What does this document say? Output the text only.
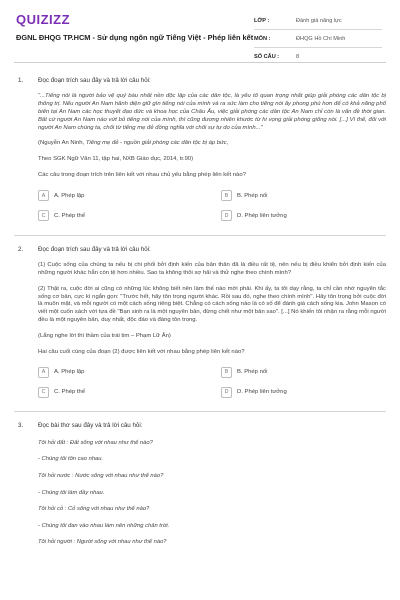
QUIZIZZ
ĐGNL ĐHQG TP.HCM - Sử dụng ngôn ngữ Tiếng Việt - Phép liên kết
LỚP :	Đánh giá năng lực
MÔN :	ĐHQG Hồ Chí Minh
SỐ CÂU :	8
1. Đọc đoạn trích sau đây và trả lời câu hỏi:
"...Tiếng nói là người bảo vệ quý báu nhất nền độc lập của các dân tộc, là yếu tố quan trọng nhất giúp giải phóng các dân tộc bị thống trị. Nếu người An Nam hãnh diện giữ gìn tiếng nói của mình và ra sức làm cho tiếng nói ấy phong phú hơn để có khả năng phổ biến tại An Nam các học thuyết đạo đức và khoa học của Châu Âu, việc giải phóng các dân tộc An Nam chỉ còn là vấn đề thời gian. Bất cứ người An Nam nào vứt bỏ tiếng nói của mình, thì cũng đương nhiên khước từ hi vọng giải phóng giống nòi. [...] Vì thế, đối với người An Nam chúng ta, chối từ tiếng mẹ đẻ đồng nghĩa với chối sự tự do của mình..."
(Nguyễn An Ninh, Tiếng mẹ đẻ - nguồn giải phóng các dân tộc bị áp bức,
Theo SGK Ngữ Văn 11, tập hai, NXB Giáo dục, 2014, tr.90)
Các câu trong đoạn trích trên liên kết với nhau chủ yếu bằng phép liên kết nào?
A	A. Phép lặp	B	B. Phép nối
C	C. Phép thế	D	D. Phép liên tưởng
2. Đọc đoạn trích sau đây và trả lời câu hỏi:
(1) Cuộc sống của chúng ta nếu bị chi phối bởi định kiến của bản thân đã là điều rất tệ, nên nếu bị điều khiển bởi định kiến của những người khác hẳn còn tệ hơn nhiều. Sao ta không thôi sợ hãi và thử nghe theo chính mình?
(2) Thật ra, cuộc đời ai cũng có những lúc không biết nên làm thế nào mới phải. Khi ấy, ta tôi dạy rằng, ta chỉ cần nhớ nguyên tắc sống cơ bản, cực kì ngắn gọn: "Trước hết, hãy tôn trọng người khác. Rồi sau đó, nghe theo chính mình". Hãy tôn trọng bởi cuộc đời là muôn mặt, và mỗi người có một cách sống riêng biệt. Chẳng có cách sống nào là có số để đánh giá cách sống kia. John Mason có viết một cuốn sách với tựa đề "Bạn sinh ra là một nguyên bản, đừng chết như một bản sao". [...] Nó khiến tôi nhận ra rằng mỗi người đều là một nguyên bản, duy nhất, độc đáo và đáng tôn trọng.
(Lắng nghe lời thì thầm của trái tim – Phạm Lữ Ân)
Hai câu cuối cùng của đoạn (2) được liên kết với nhau bằng phép liên kết nào?
A	A. Phép lặp	B	B. Phép nối
C	C. Phép thế	D	D. Phép liên tưởng
3. Đọc bài thơ sau đây và trả lời câu hỏi:
Tôi hỏi đất : Đất sống với nhau như thế nào?
- Chúng tôi tôn cao nhau.
Tôi hỏi nước : Nước sống với nhau như thế nào?
- Chúng tôi làm đầy nhau.
Tôi hỏi cỏ : Cỏ sống với nhau như thế nào?
- Chúng tôi đan vào nhau làm nên những chân trời.
Tôi hỏi người : Người sống với nhau như thế nào?
